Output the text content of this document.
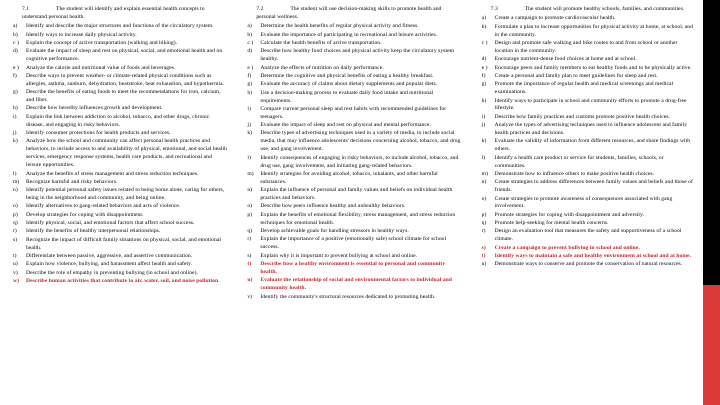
7.1	The student will identify and explain essential health concepts to understand personal health.

a)	Identify and describe the major structures and functions of the circulatory system.
b)	Identify ways to increase daily physical activity.
c )	Explain the concept of active transportation (walking and biking).
d)	Evaluate the impact of sleep and rest on physical, social, and emotional health and on cognitive performance.
e )	Analyze the calorie and nutritional value of foods and beverages.
f)	Describe ways to prevent weather- or climate-related physical conditions such as allergies, asthma, sunburn, dehydration, heatstroke, heat exhaustion, and hypothermia.
g)	Describe the benefits of eating foods to meet the recommendations for iron, calcium, and fiber.
h)	Describe how heredity influences growth and development.
i)	Explain the link between addiction to alcohol, tobacco, and other drugs, chronic disease, and engaging in risky behaviors.
j)	Identify consumer protections for health products and services.
k)	Analyze how the school and community can affect personal health practices and behaviors, to include access to and availability of physical, emotional, and social health services, emergency response systems, health care products, and recreational and leisure opportunities.
l)	Analyze the benefits of stress management and stress reduction techniques.
m)	Recognize harmful and risky behaviors.
n)	Identify potential personal safety issues related to being home alone, caring for others, being in the neighborhood and community, and being online.
o)	Identify alternatives to gang-related behaviors and acts of violence.
p)	Develop strategies for coping with disappointment.
q)	Identify physical, social, and emotional factors that affect school success.
r)	Identify the benefits of healthy interpersonal relationships.
s)	Recognize the impact of difficult family situations on physical, social, and emotional health.
t)	Differentiate between passive, aggressive, and assertive communication.
u)	Explain how violence, bullying, and harassment affect health and safety.
v)	Describe the role of empathy in preventing bullying (in school and online).
w)	Describe human activities that contribute to air, water, soil, and noise pollution.

7.2	The student will use decision-making skills to promote health and personal wellness.

a)	Determine the health benefits of regular physical activity and fitness.
b)	Evaluate the importance of participating in recreational and leisure activities.
c )	Calculate the health benefits of active transportation.
d)	Describe how healthy food choices and physical activity keep the circulatory system healthy.
e )	Analyze the effects of nutrition on daily performance.
f)	Determine the cognitive and physical benefits of eating a healthy breakfast.
g)	Evaluate the accuracy of claims about dietary supplements and popular diets.
h)	Use a decision-making process to evaluate daily food intake and nutritional requirements.
i)	Compare current personal sleep and rest habits with recommended guidelines for teenagers.
j)	Evaluate the impact of sleep and rest on physical and mental performance.
k)	Describe types of advertising techniques used in a variety of media, to include social media, that may influence adolescents' decisions concerning alcohol, tobacco, and drug use, and gang involvement.
l)	Identify consequences of engaging in risky behaviors, to include alcohol, tobacco, and drug use, gang involvement, and initiating gang-related behaviors.
m)	Identify strategies for avoiding alcohol, tobacco, inhalants, and other harmful substances.
n)	Explain the influence of personal and family values and beliefs on individual health practices and behaviors.
o)	Describe how peers influence healthy and unhealthy behaviors.
p)	Explain the benefits of emotional flexibility, stress management, and stress reduction techniques for emotional health.
q)	Develop achievable goals for handling stressors in healthy ways.
r)	Explain the importance of a positive (emotionally safe) school climate for school success.
s)	Explain why it is important to prevent bullying at school and online.
t)	Describe how a healthy environment is essential to personal and community health.
u)	Evaluate the relationship of social and environmental factors to individual and community health.
v)	Identify the community's structural resources dedicated to promoting health.

7.3	The student will promote healthy schools, families, and communities.

a)	Create a campaign to promote cardiovascular health.
b)	Formulate a plan to increase opportunities for physical activity at home, at school, and in the community.
c )	Design and promote safe walking and bike routes to and from school or another location in the community.
d)	Encourage nutrient-dense food choices at home and at school.
e )	Encourage peers and family members to eat healthy foods and to be physically active.
f)	Create a personal and family plan to meet guidelines for sleep and rest.
g)	Promote the importance of regular health and medical screenings and medical examinations.
h)	Identify ways to participate in school and community efforts to promote a drug-free lifestyle.
i)	Describe how family practices and customs promote positive health choices.
j)	Analyze the types of advertising techniques used to influence adolescent and family health practices and decisions.
k)	Evaluate the validity of information from different resources, and share findings with others.
l)	Identify a health care product or service for students, families, schools, or communities.
m)	Demonstrate how to influence others to make positive health choices.
n)	Create strategies to address differences between family values and beliefs and those of friends.
o)	Create strategies to promote awareness of consequences associated with gang involvement.
p)	Promote strategies for coping with disappointment and adversity.
q)	Promote help-seeking for mental health concerns.
r)	Design an evaluation tool that measures the safety and supportiveness of a school climate.
s)	Create a campaign to prevent bullying in school and online.
t)	Identify ways to maintain a safe and healthy environment at school and at home.
u)	Demonstrate ways to conserve and promote the conservation of natural resources.
